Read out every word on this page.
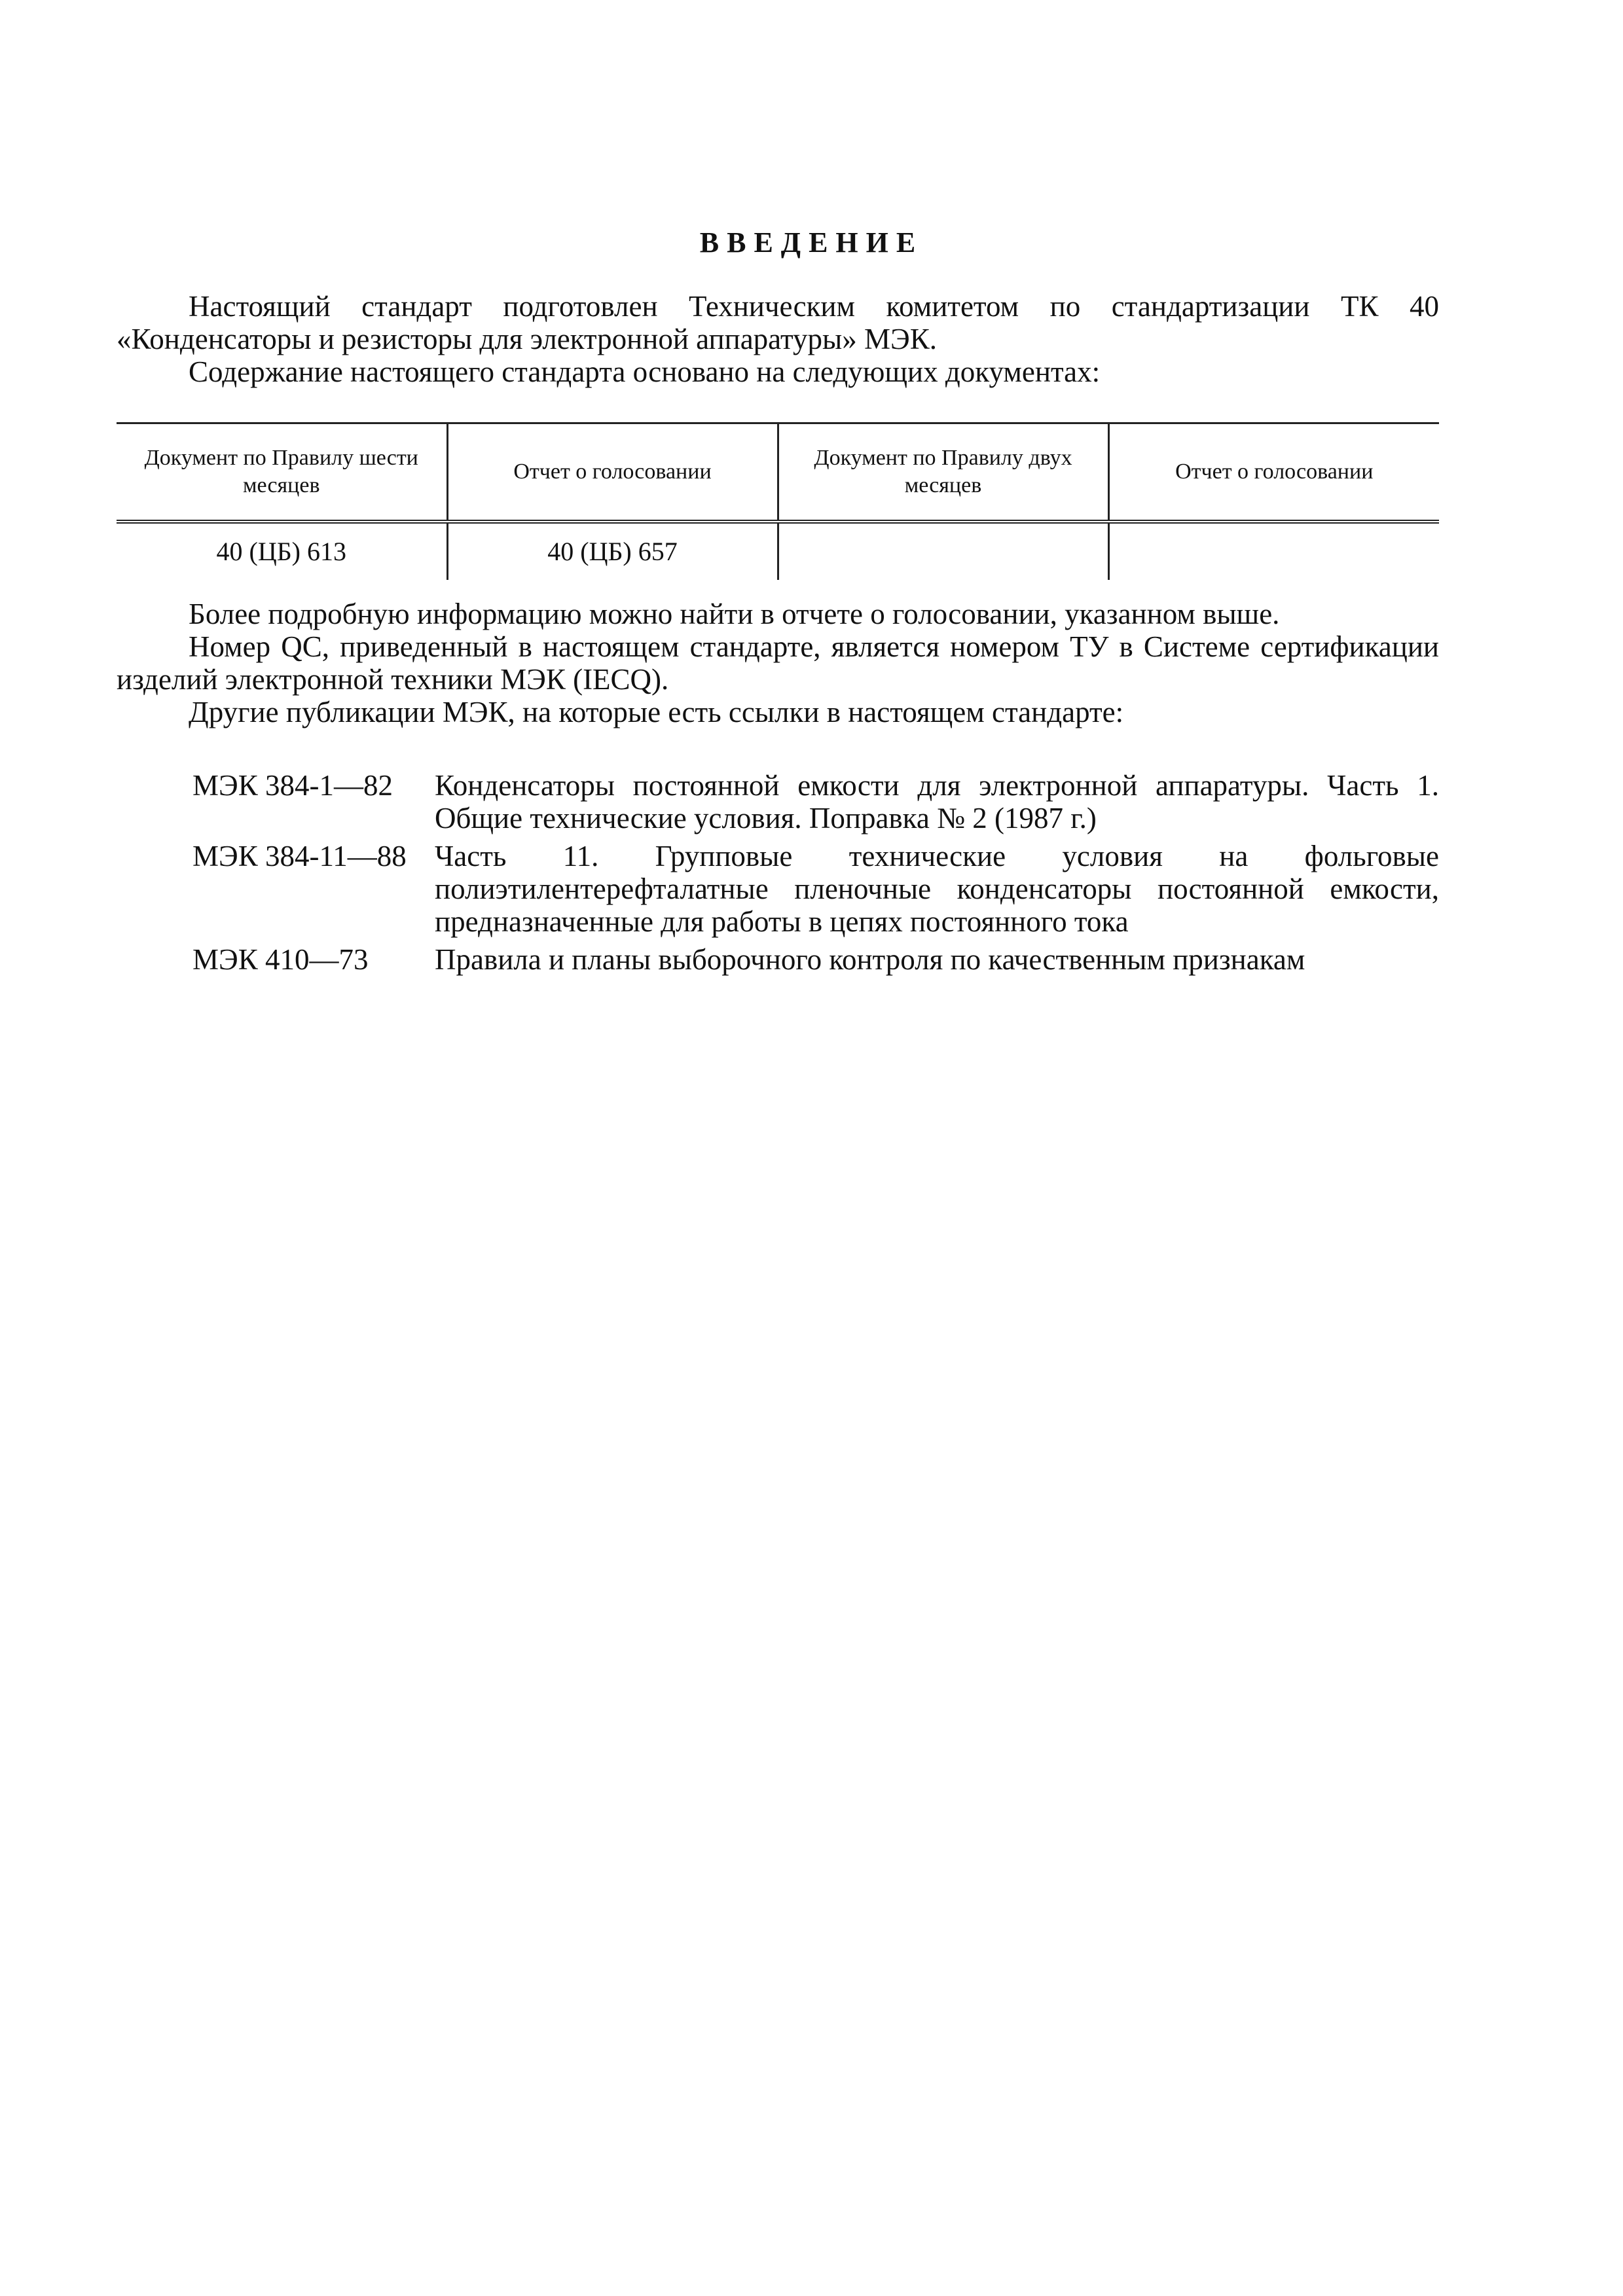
ВВЕДЕНИЕ

Настоящий стандарт подготовлен Техническим комитетом по стандартизации ТК 40 «Конденсаторы и резисторы для электронной аппаратуры» МЭК.

Содержание настоящего стандарта основано на следующих документах:

Документ по Правилу шести месяцев	Отчет о голосовании	Документ по Правилу двух месяцев	Отчет о голосовании
40 (ЦБ) 613	40 (ЦБ) 657		

Более подробную информацию можно найти в отчете о голосовании, указанном выше.

Номер QC, приведенный в настоящем стандарте, является номером ТУ в Системе сертификации изделий электронной техники МЭК (IECQ).

Другие публикации МЭК, на которые есть ссылки в настоящем стандарте:

МЭК 384-1—82	Конденсаторы постоянной емкости для электронной аппаратуры. Часть 1. Общие технические условия. Поправка № 2 (1987 г.)
МЭК 384-11—88 Часть 11. Групповые технические условия на фольговые полиэтилентерефталатные пленочные конденсаторы постоянной емкости, предназначенные для работы в цепях постоянного тока
МЭК 410—73	Правила и планы выборочного контроля по качественным признакам
